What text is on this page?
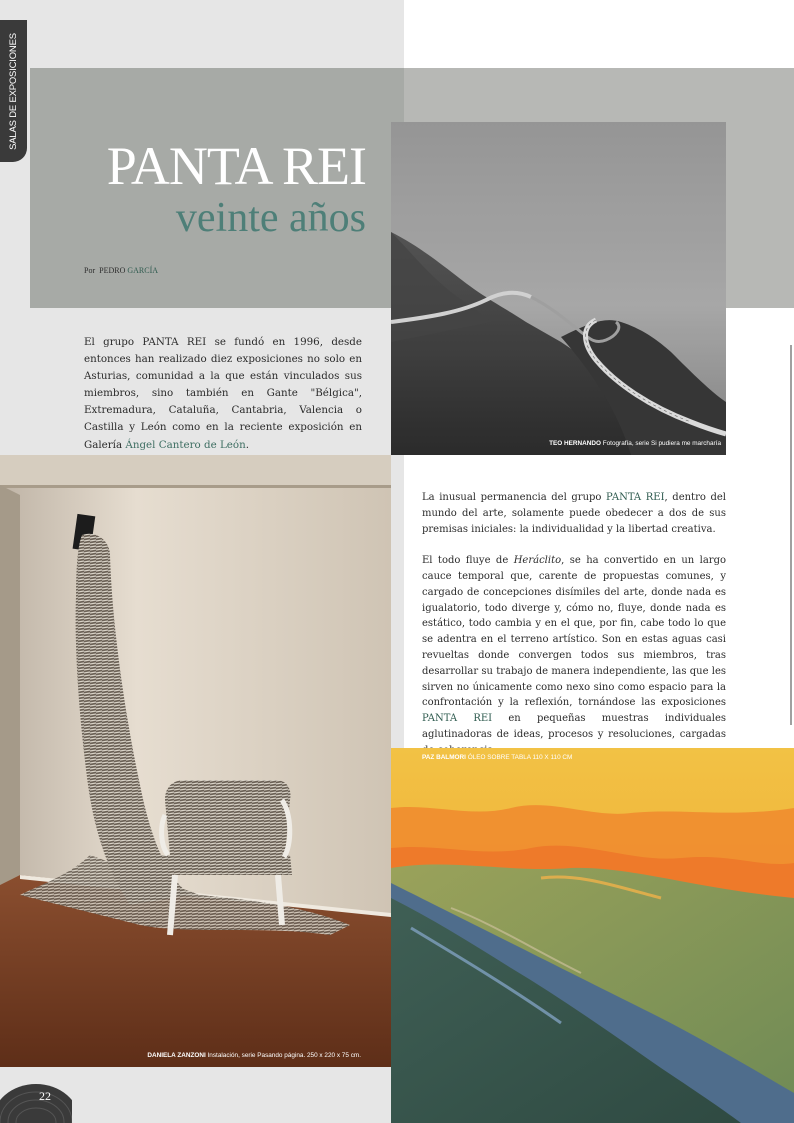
SALAS DE EXPOSICIONES
PANTA REI
veinte años
Por PEDRO GARCÍA
El grupo PANTA REI se fundó en 1996, desde entonces han realizado diez exposiciones no solo en Asturias, comunidad a la que están vinculados sus miembros, sino también en Gante "Bélgica", Extremadura, Cataluña, Cantabria, Valencia o Castilla y León como en la reciente exposición en Galería Ángel Cantero de León.	TEO HERNANDO Fotografía, serie Si pudiera me marcharía
DANIELA ZANZONI Instalación, serie Pasando página. 250 x 220 x 75 cm.

La inusual permanencia del grupo PANTA REI, dentro del mundo del arte, solamente puede obedecer a dos de sus premisas iniciales: la individualidad y la libertad creativa.

El todo fluye de Heráclito, se ha convertido en un largo cauce temporal que, carente de propuestas comunes, y cargado de concepciones disímiles del arte, donde nada es igualatorio, todo diverge y, cómo no, fluye, donde nada es estático, todo cambia y en el que, por fin, cabe todo lo que se adentra en el terreno artístico. Son en estas aguas casi revueltas donde convergen todos sus miembros, tras desarrollar su trabajo de manera independiente, las que les sirven no únicamente como nexo sino como espacio para la confrontación y la reflexión, tornándose las exposiciones PANTA REI en pequeñas muestras individuales aglutinadoras de ideas, procesos y resoluciones, cargadas

PAZ BALMORI ÓLEO SOBRE TABLA 110 X 110 CM
22
